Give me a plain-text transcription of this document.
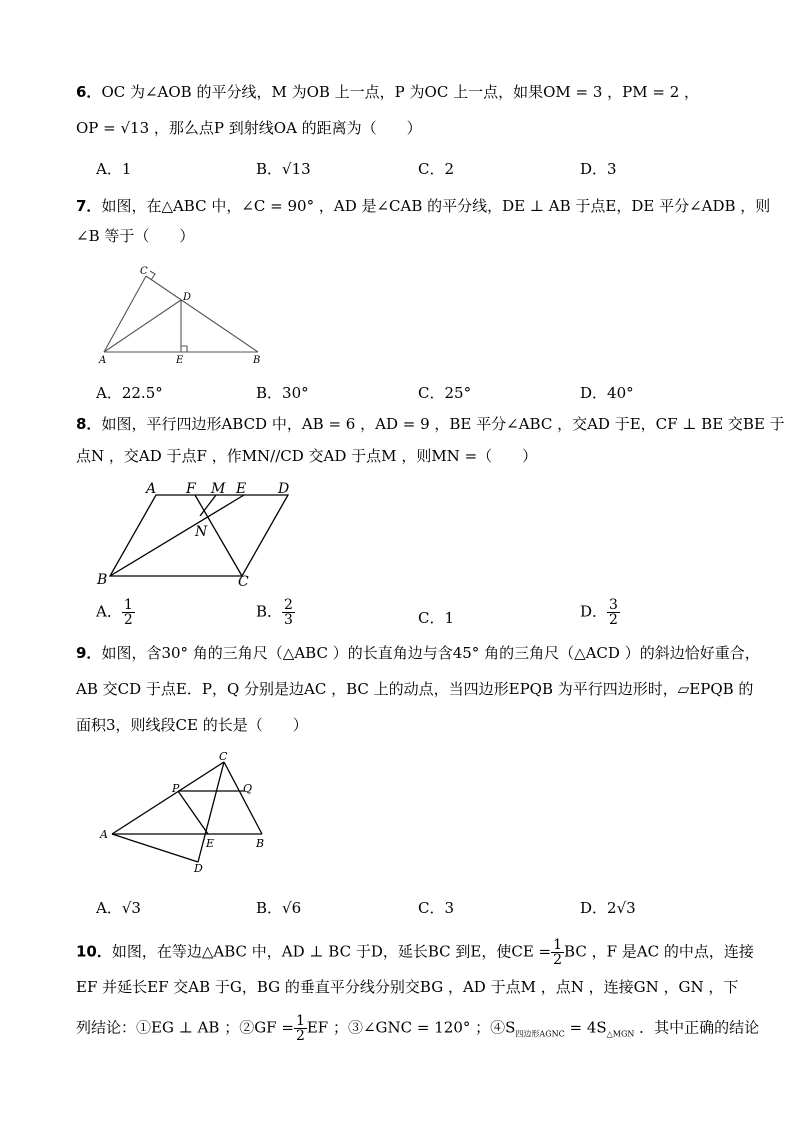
6．OC 为∠AOB 的平分线，M 为OB 上一点，P 为OC 上一点，如果OM = 3 ，PM = 2 ，
OP = √13 ，那么点P 到射线OA 的距离为（　　）
A．1	B．√13	C．2	D．3
7．如图，在△ABC 中，∠C = 90° ，AD 是∠CAB 的平分线，DE ⊥ AB 于点E，DE 平分∠ADB ，则
∠B 等于（　　）
C
D
A	E	B
A．22.5°	B．30°	C．25°	D．40°
8．如图，平行四边形ABCD 中，AB = 6 ，AD = 9 ，BE 平分∠ABC ，交AD 于E，CF ⊥ BE 交BE 于
点N ，交AD 于点F ，作MN//CD 交AD 于点M ，则MN =（　　）
A F M E D
N
B	C
A． $\frac{1}{2}$	B． $\frac{2}{3}$	C．1	D． $\frac{3}{2}$
9．如图，含30° 角的三角尺（△ABC ）的长直角边与含45° 角的三角尺（△ACD ）的斜边恰好重合，
AB 交CD 于点E．P，Q 分别是边AC ，BC 上的动点，当四边形EPQB 为平行四边形时，▱EPQB 的
面积3，则线段CE 的长是（　　）
C
P	Q
A
E	B
D
A．√3	B．√6	C．3	D．2√3
10．如图，在等边△ABC 中，AD ⊥ BC 于D，延长BC 到E，使CE = $\frac{1}{2}$ BC ，F 是AC 的中点，连接
EF 并延长EF 交AB 于G，BG 的垂直平分线分别交BG ，AD 于点M ，点N ，连接GN ，GN ，下
列结论：①EG ⊥ AB ；②GF = $\frac{1}{2}$ EF ；③∠GNC = 120° ；$④S_{四边形AGNC} = 4S_{\triangle MGN}$ ．其中正确的结论
